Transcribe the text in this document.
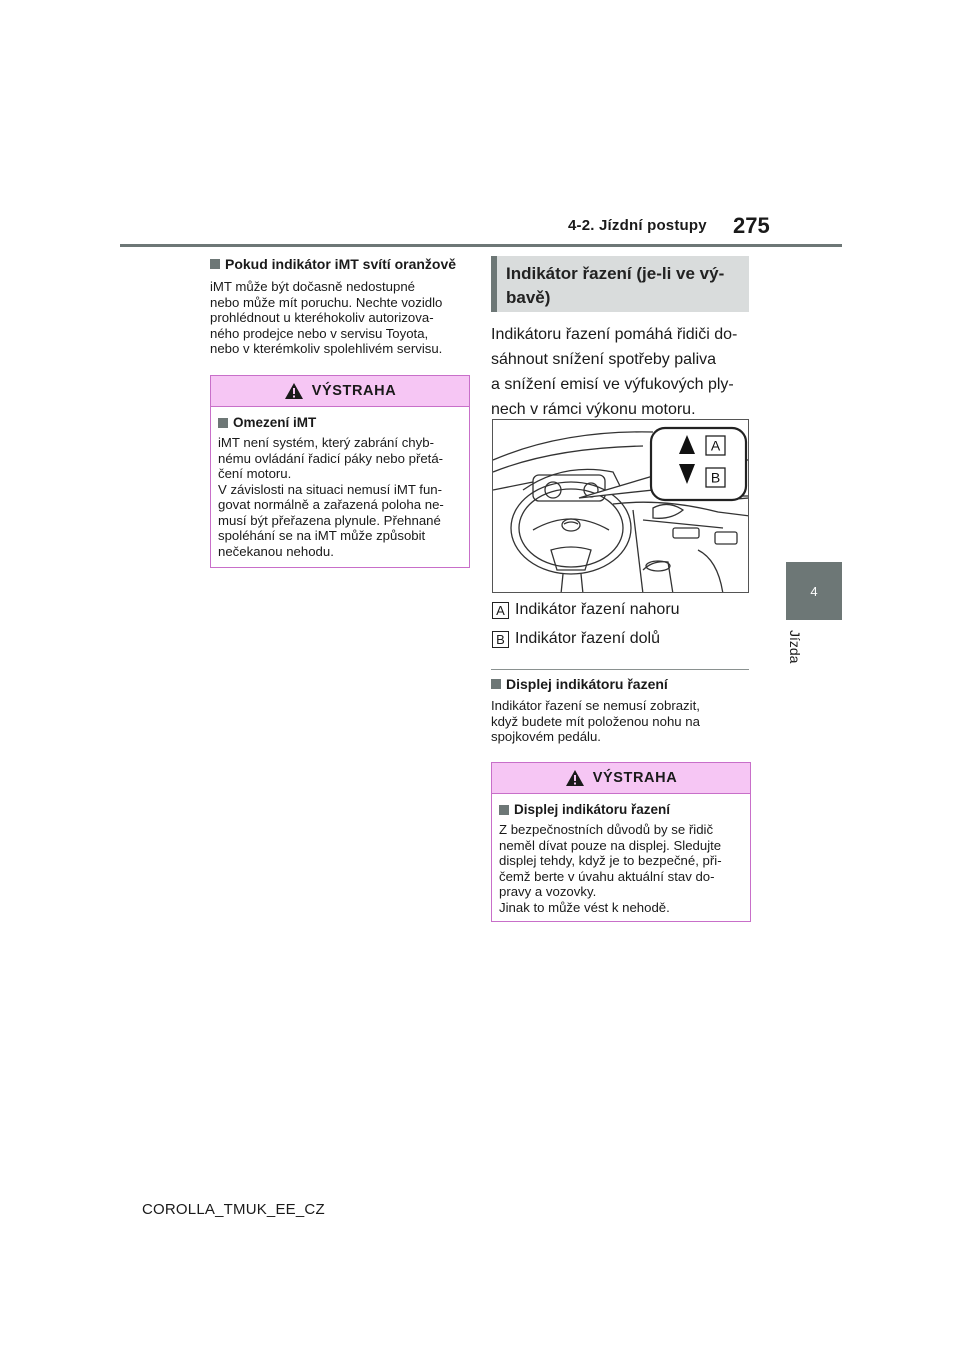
4-2. Jízdní postupy 275
4
Jízda
Pokud indikátor iMT svítí oranžově
iMT může být dočasně nedostupné
nebo může mít poruchu. Nechte vozidlo
prohlédnout u kteréhokoliv autorizova-
ného prodejce nebo v servisu Toyota,
nebo v kterémkoliv spolehlivém servisu.
VÝSTRAHA
Omezení iMT
iMT není systém, který zabrání chyb-
nému ovládání řadicí páky nebo přetá-
čení motoru.
V závislosti na situaci nemusí iMT fun-
govat normálně a zařazená poloha ne-
musí být přeřazena plynule. Přehnané
spoléhání se na iMT může způsobit
nečekanou nehodu.
Indikátor řazení (je-li ve vý-
bavě)
Indikátoru řazení pomáhá řidiči do-
sáhnout snížení spotřeby paliva
a snížení emisí ve výfukových ply-
nech v rámci výkonu motoru.
A
B
A Indikátor řazení nahoru
B Indikátor řazení dolů
Displej indikátoru řazení
Indikátor řazení se nemusí zobrazit,
když budete mít položenou nohu na
spojkovém pedálu.
VÝSTRAHA
Displej indikátoru řazení
Z bezpečnostních důvodů by se řidič
neměl dívat pouze na displej. Sledujte
displej tehdy, když je to bezpečné, při-
čemž berte v úvahu aktuální stav do-
pravy a vozovky.
Jinak to může vést k nehodě.
COROLLA_TMUK_EE_CZ
